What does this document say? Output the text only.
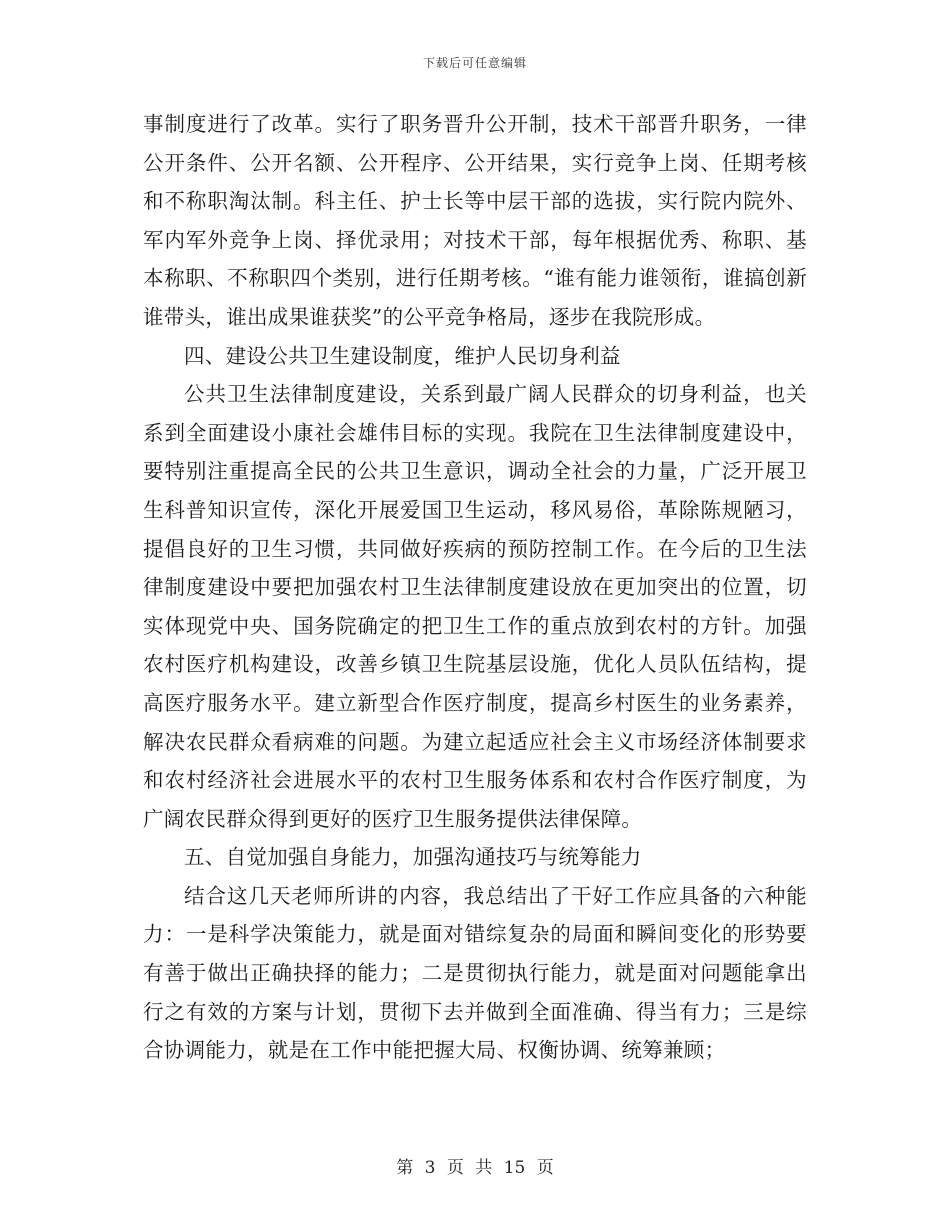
下载后可任意编辑

事制度进行了改革。实行了职务晋升公开制，技术干部晋升职务，一律公开条件、公开名额、公开程序、公开结果，实行竞争上岗、任期考核和不称职淘汰制。科主任、护士长等中层干部的选拔，实行院内院外、军内军外竞争上岗、择优录用；对技术干部，每年根据优秀、称职、基本称职、不称职四个类别，进行任期考核。“谁有能力谁领衔，谁搞创新谁带头，谁出成果谁获奖”的公平竞争格局，逐步在我院形成。

四、建设公共卫生建设制度，维护人民切身利益

公共卫生法律制度建设，关系到最广阔人民群众的切身利益，也关系到全面建设小康社会雄伟目标的实现。我院在卫生法律制度建设中，要特别注重提高全民的公共卫生意识，调动全社会的力量，广泛开展卫生科普知识宣传，深化开展爱国卫生运动，移风易俗，革除陈规陋习，提倡良好的卫生习惯，共同做好疾病的预防控制工作。在今后的卫生法律制度建设中要把加强农村卫生法律制度建设放在更加突出的位置，切实体现党中央、国务院确定的把卫生工作的重点放到农村的方针。加强农村医疗机构建设，改善乡镇卫生院基层设施，优化人员队伍结构，提高医疗服务水平。建立新型合作医疗制度，提高乡村医生的业务素养，解决农民群众看病难的问题。为建立起适应社会主义市场经济体制要求和农村经济社会进展水平的农村卫生服务体系和农村合作医疗制度，为广阔农民群众得到更好的医疗卫生服务提供法律保障。

五、自觉加强自身能力，加强沟通技巧与统筹能力

结合这几天老师所讲的内容，我总结出了干好工作应具备的六种能力：一是科学决策能力，就是面对错综复杂的局面和瞬间变化的形势要有善于做出正确抉择的能力；二是贯彻执行能力，就是面对问题能拿出行之有效的方案与计划，贯彻下去并做到全面准确、得当有力；三是综合协调能力，就是在工作中能把握大局、权衡协调、统筹兼顾；

第 3 页 共 15 页
